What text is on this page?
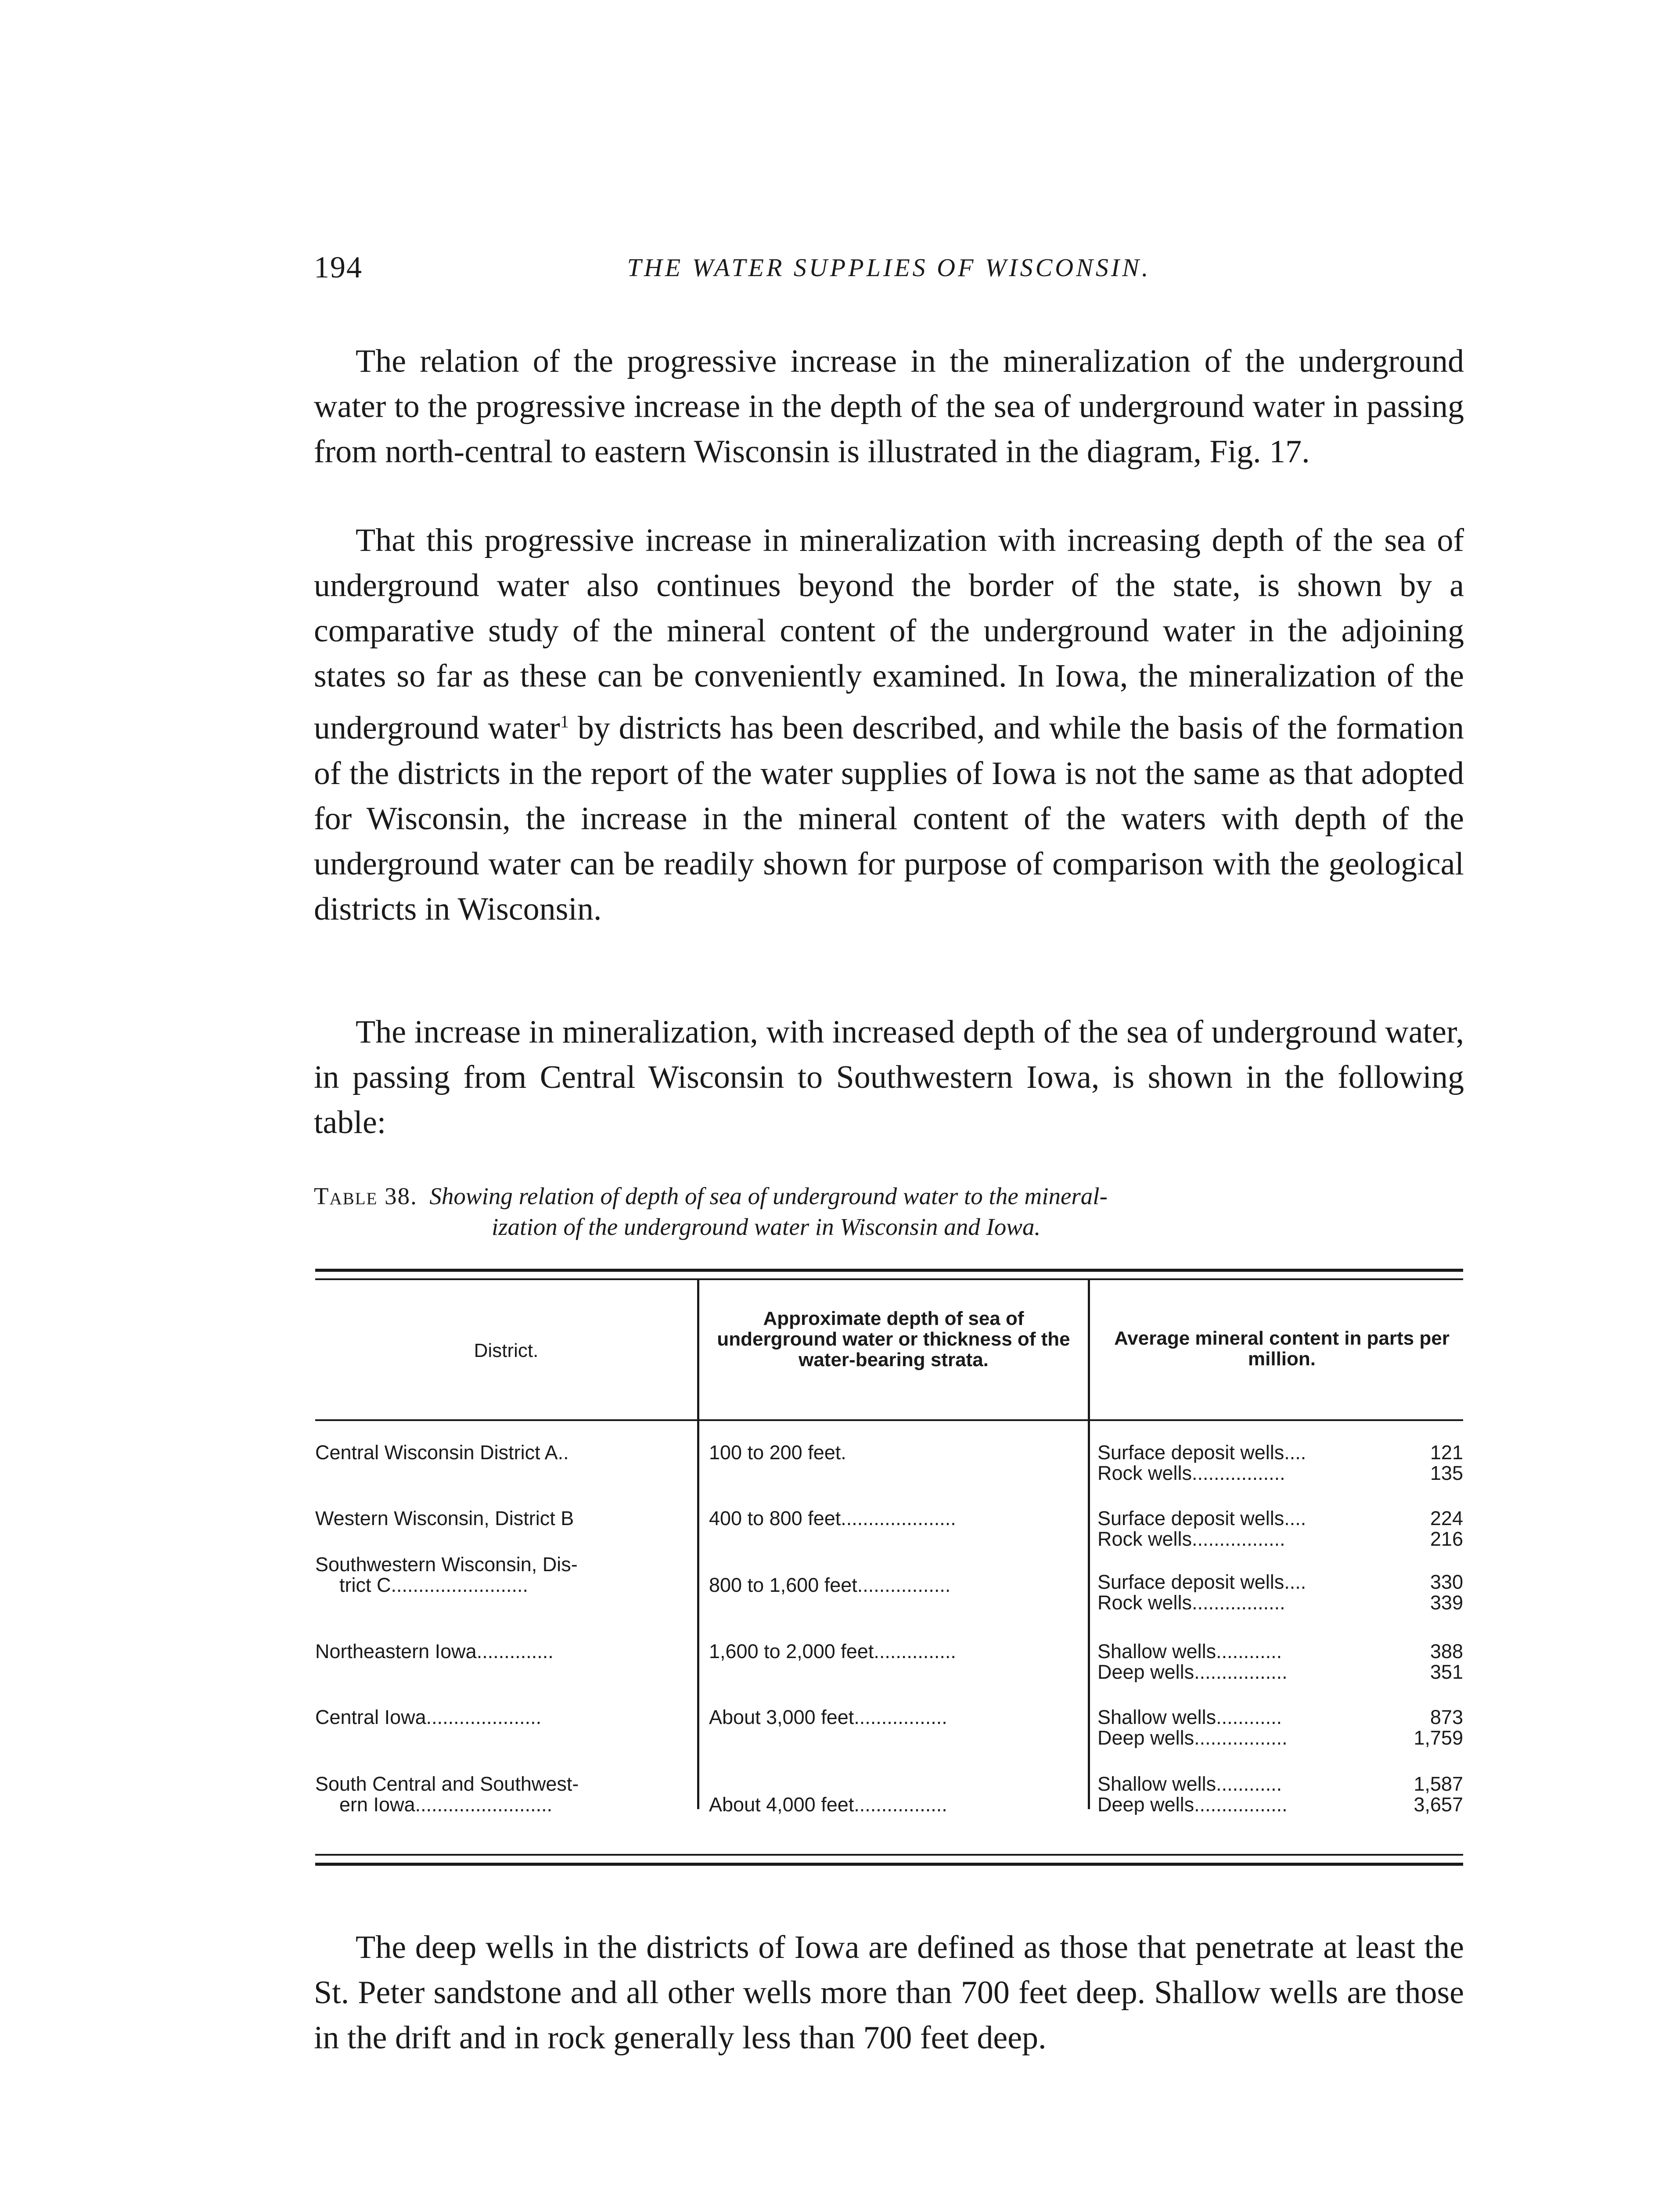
194	THE WATER SUPPLIES OF WISCONSIN.

The relation of the progressive increase in the mineralization of the underground water to the progressive increase in the depth of the sea of underground water in passing from north-central to eastern Wisconsin is illustrated in the diagram, Fig. 17.

That this progressive increase in mineralization with increasing depth of the sea of underground water also continues beyond the border of the state, is shown by a comparative study of the mineral content of the underground water in the adjoining states so far as these can be conveniently examined. In Iowa, the mineralization of the underground water$^1$ by districts has been described, and while the basis of the formation of the districts in the report of the water supplies of Iowa is not the same as that adopted for Wisconsin, the increase in the mineral content of the waters with depth of the underground water can be readily shown for purpose of comparison with the geological districts in Wisconsin.

The increase in mineralization, with increased depth of the sea of underground water, in passing from Central Wisconsin to Southwestern Iowa, is shown in the following table:

Table 38. Showing relation of depth of sea of underground water to the mineral-
ization of the underground water in Wisconsin and Iowa.
District.
Approximate depth of sea of underground water or thickness of the water-bearing strata.
Average mineral content in parts per million.
Central Wisconsin District A..	100 to 200 feet.	Surface deposit wells....	121
Rock wells.................	135
Western Wisconsin, District B	400 to 800 feet.....................	Surface deposit wells....	224
Rock wells.................	216
Southwestern Wisconsin, Dis-
trict C.........................	800 to 1,600 feet.................	Surface deposit wells....	330
Rock wells.................	339
Northeastern Iowa..............	1,600 to 2,000 feet...............	Shallow wells............	388
Deep wells.................	351
Central Iowa.....................	About 3,000 feet.................	Shallow wells............	873
Deep wells.................	1,759
South Central and Southwest-
ern Iowa.........................	About 4,000 feet.................
Shallow wells............	1,587
Deep wells.................	3,657

The deep wells in the districts of Iowa are defined as those that penetrate at least the St. Peter sandstone and all other wells more than 700 feet deep. Shallow wells are those in the drift and in rock generally less than 700 feet deep.
